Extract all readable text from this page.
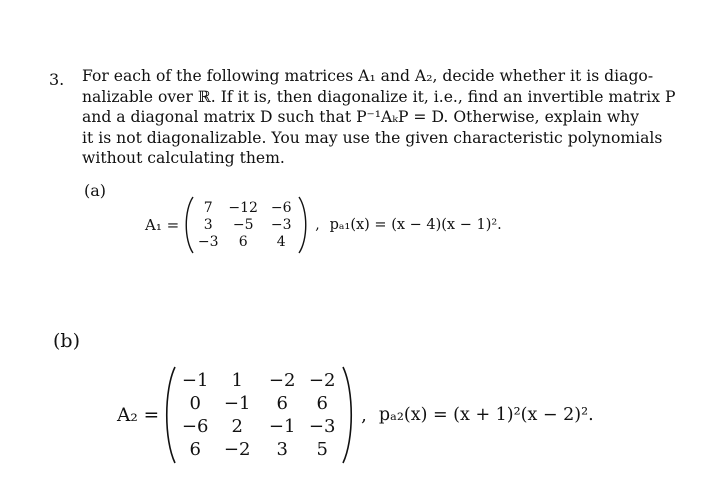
3. For each of the following matrices A₁ and A₂, decide whether it is diago-
nalizable over ℝ. If it is, then diagonalize it, i.e., find an invertible matrix P
and a diagonal matrix D such that P⁻¹AₖP = D. Otherwise, explain why
it is not diagonalizable. You may use the given characteristic polynomials
without calculating them.
(a)
A₁ =
7	−12 −6
3	−5	−3
−3	6	4
, pₐ₁(x) = (x − 4)(x − 1)².
(b)
A₂ =
−1	1	−2 −2
0	−1	6	6
−6	2	−1 −3
6	−2	3	5
, pₐ₂(x) = (x + 1)²(x − 2)².
